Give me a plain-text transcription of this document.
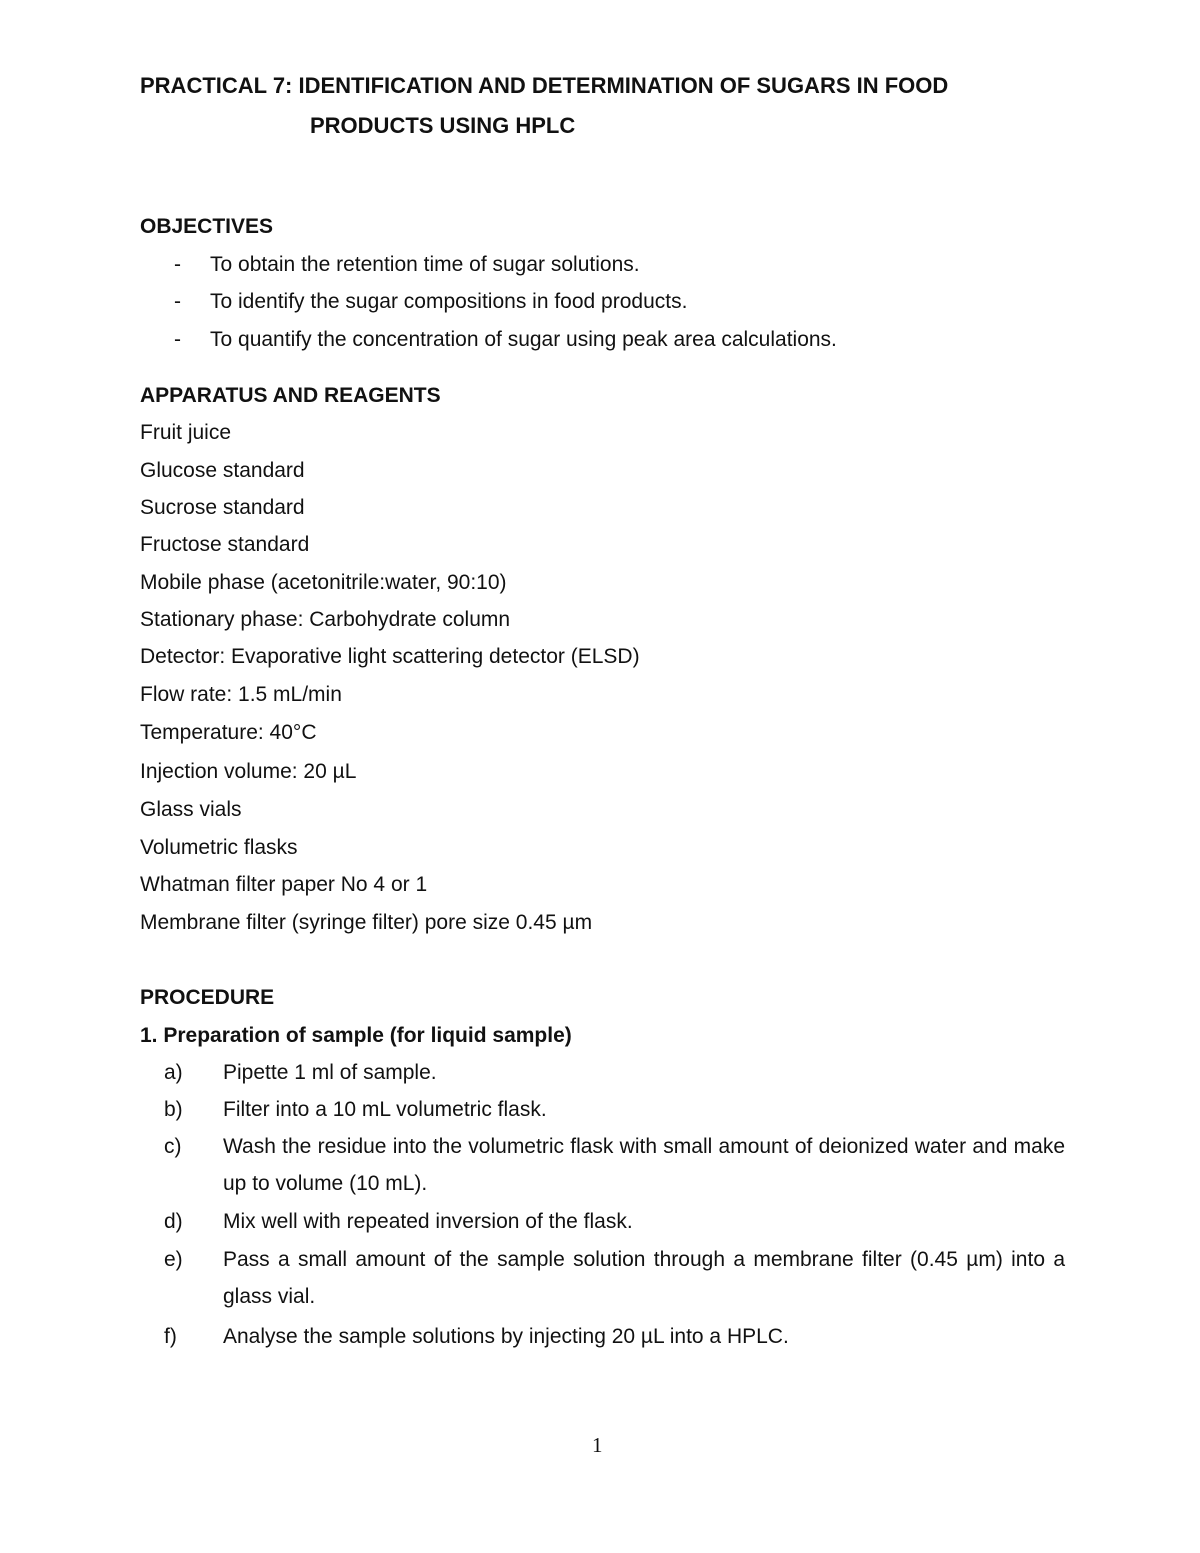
PRACTICAL 7: IDENTIFICATION AND DETERMINATION OF SUGARS IN FOOD
PRODUCTS USING HPLC
OBJECTIVES
- To obtain the retention time of sugar solutions.
- To identify the sugar compositions in food products.
- To quantify the concentration of sugar using peak area calculations.
APPARATUS AND REAGENTS
Fruit juice
Glucose standard
Sucrose standard
Fructose standard
Mobile phase (acetonitrile:water, 90:10)
Stationary phase: Carbohydrate column
Detector: Evaporative light scattering detector (ELSD)
Flow rate: 1.5 mL/min
Temperature: 40°C
Injection volume: 20 µL
Glass vials
Volumetric flasks
Whatman filter paper No 4 or 1
Membrane filter (syringe filter) pore size 0.45 µm
PROCEDURE
1. Preparation of sample (for liquid sample)
a) Pipette 1 ml of sample.
b) Filter into a 10 mL volumetric flask.
c) Wash the residue into the volumetric flask with small amount of deionized water and make up to volume (10 mL).
d) Mix well with repeated inversion of the flask.
e) Pass a small amount of the sample solution through a membrane filter (0.45 µm) into a glass vial.
f) Analyse the sample solutions by injecting 20 µL into a HPLC.
1
